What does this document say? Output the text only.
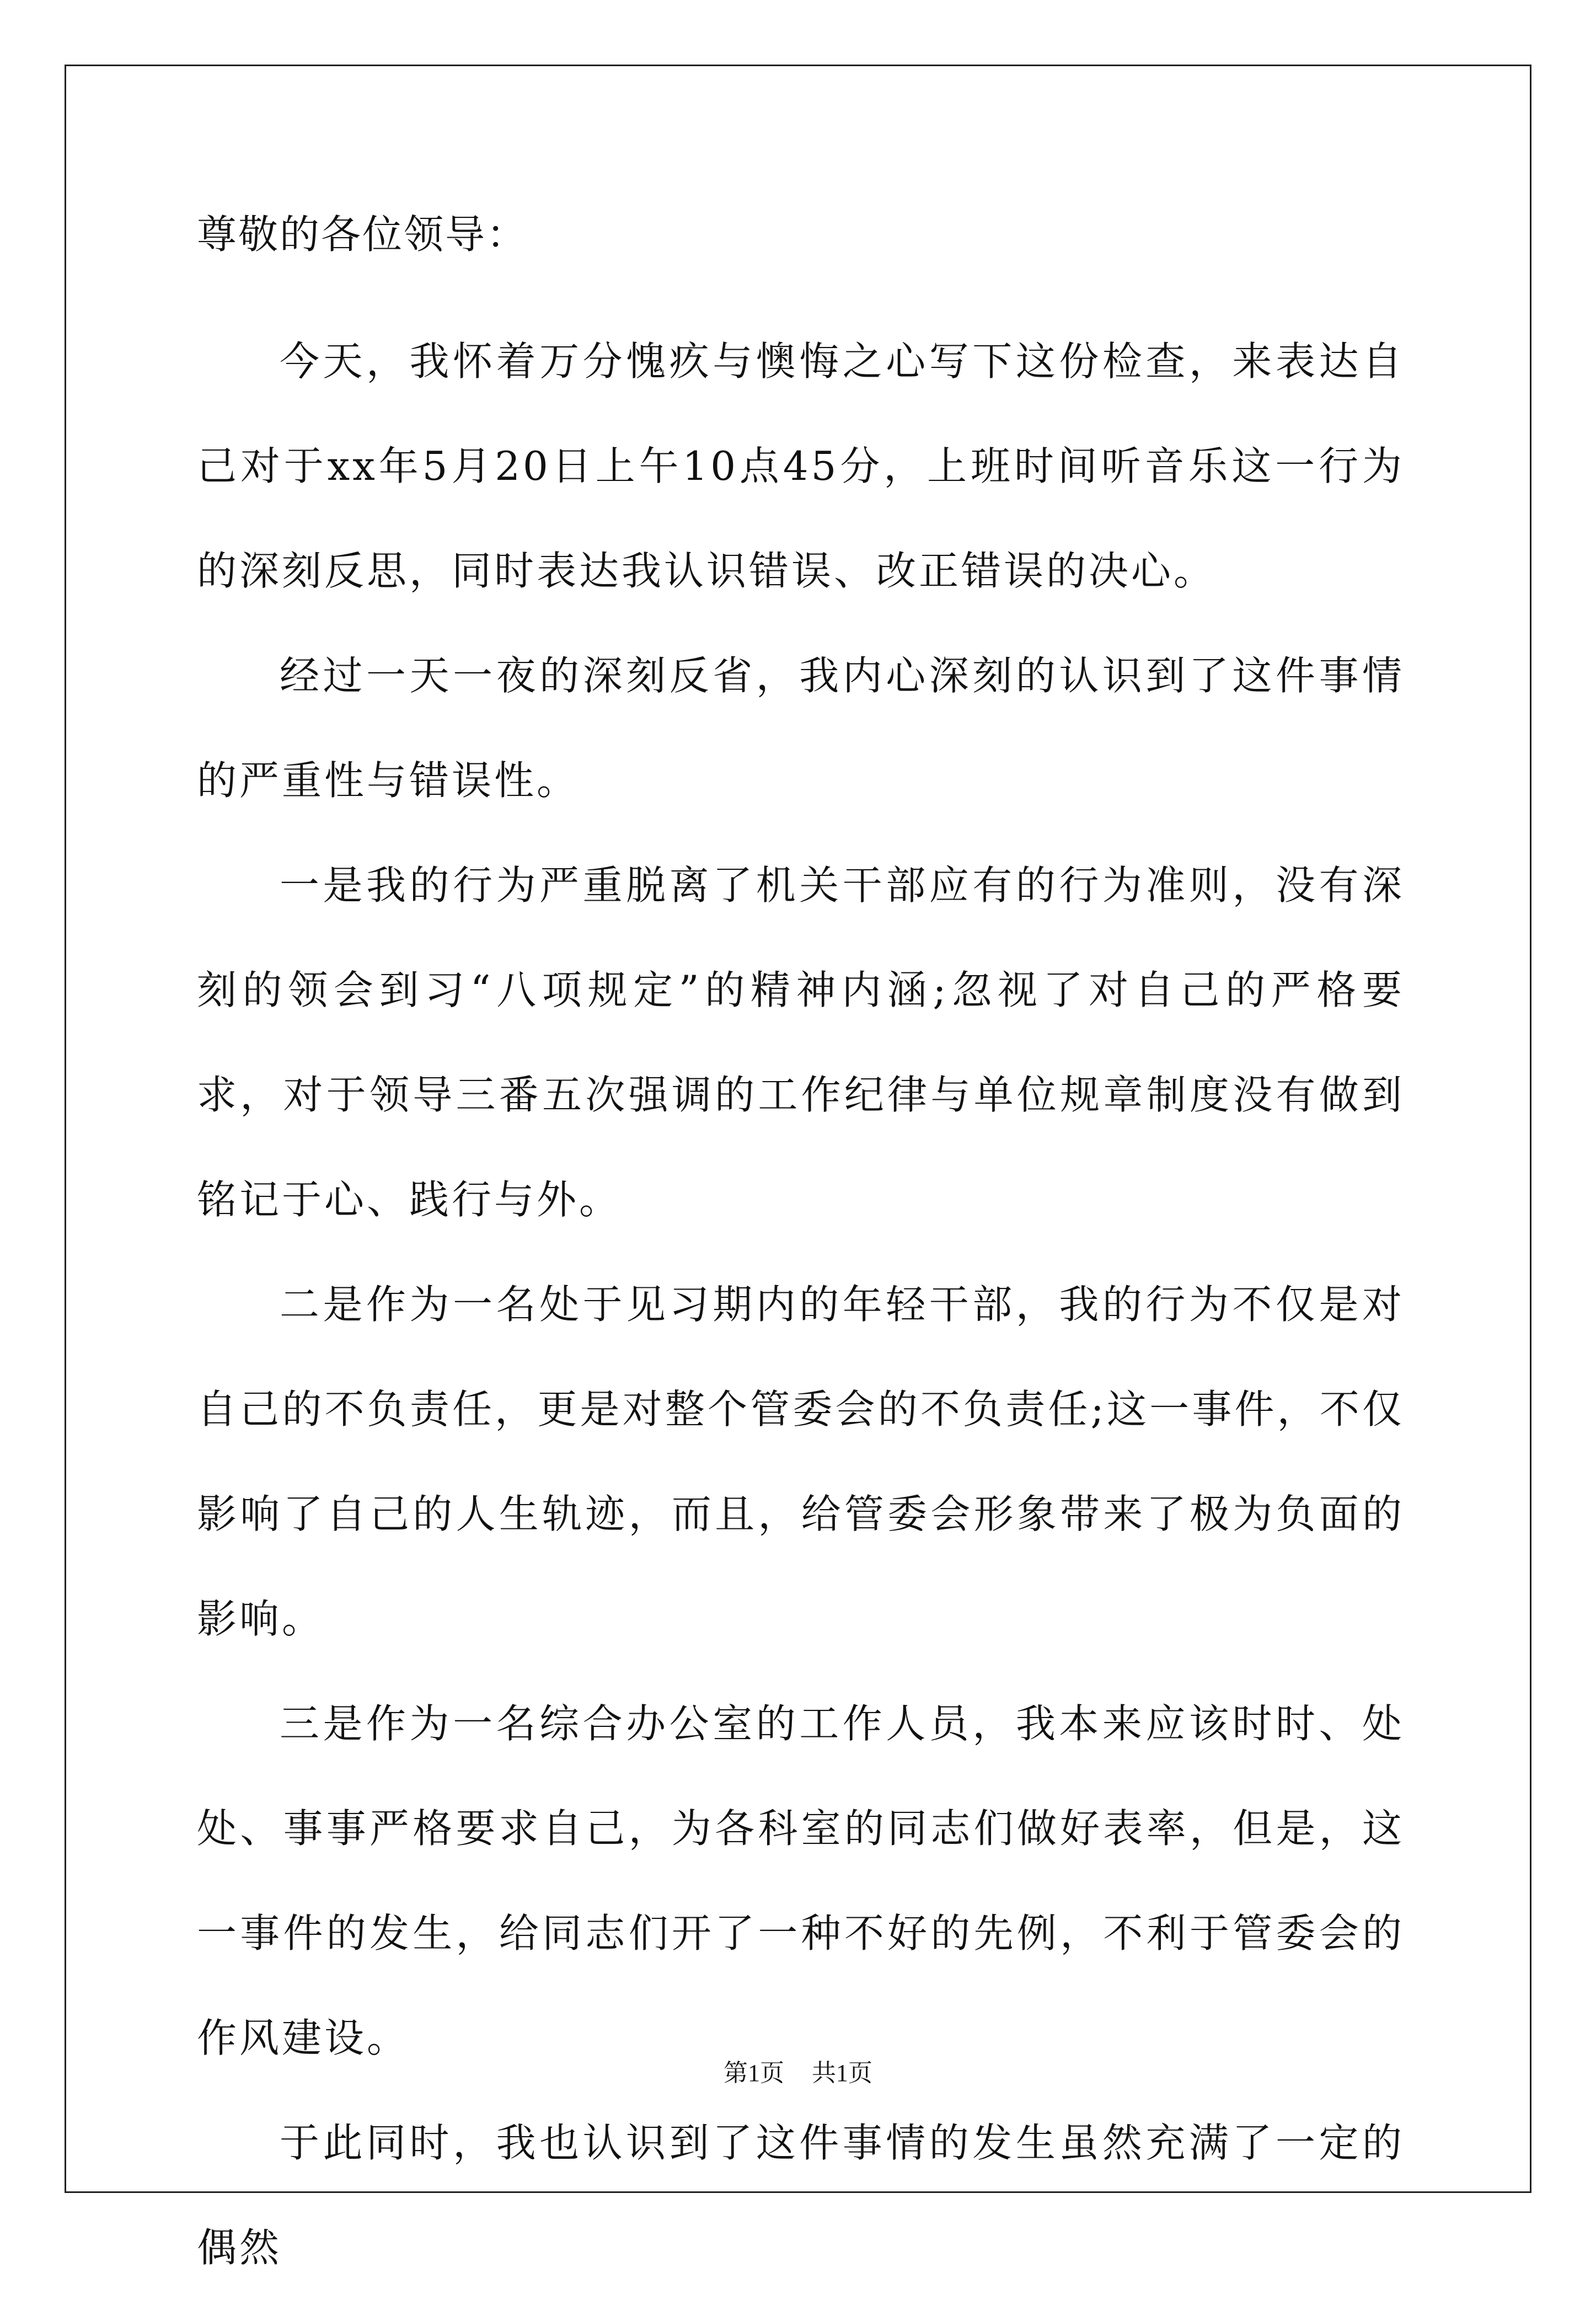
尊敬的各位领导：

今天，我怀着万分愧疚与懊悔之心写下这份检查，来表达自己对于xx年5月20日上午10点45分，上班时间听音乐这一行为的深刻反思，同时表达我认识错误、改正错误的决心。

经过一天一夜的深刻反省，我内心深刻的认识到了这件事情的严重性与错误性。

一是我的行为严重脱离了机关干部应有的行为准则，没有深刻的领会到习“八项规定”的精神内涵;忽视了对自己的严格要求，对于领导三番五次强调的工作纪律与单位规章制度没有做到铭记于心、践行与外。

二是作为一名处于见习期内的年轻干部，我的行为不仅是对自己的不负责任，更是对整个管委会的不负责任;这一事件，不仅影响了自己的人生轨迹，而且，给管委会形象带来了极为负面的影响。

三是作为一名综合办公室的工作人员，我本来应该时时、处处、事事严格要求自己，为各科室的同志们做好表率，但是，这一事件的发生，给同志们开了一种不好的先例，不利于管委会的作风建设。

于此同时，我也认识到了这件事情的发生虽然充满了一定的偶然

第1页 共1页
